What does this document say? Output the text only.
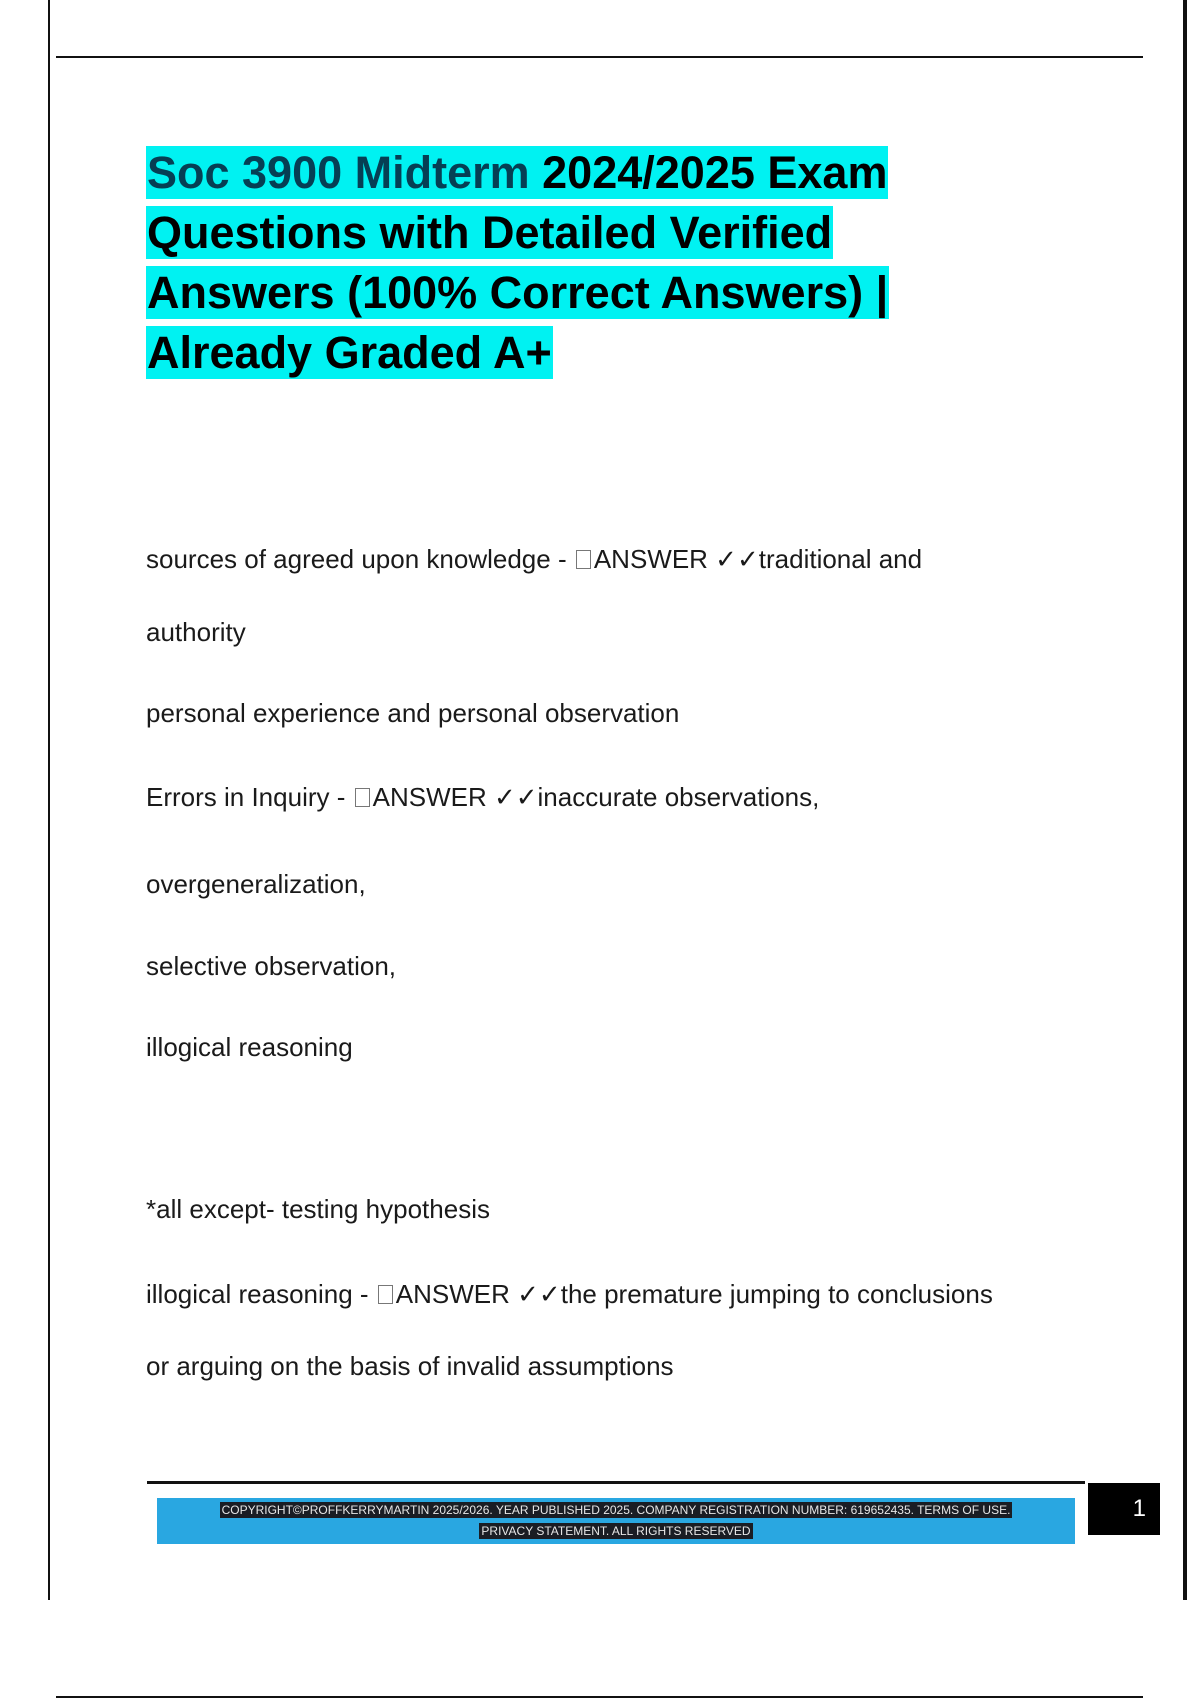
Soc 3900 Midterm 2024/2025 Exam Questions with Detailed Verified Answers (100% Correct Answers) | Already Graded A+

sources of agreed upon knowledge - ANSWER ✓✓traditional and

authority

personal experience and personal observation

Errors in Inquiry - ANSWER ✓✓inaccurate observations,

overgeneralization,

selective observation,

illogical reasoning

*all except- testing hypothesis

illogical reasoning - ANSWER ✓✓the premature jumping to conclusions

or arguing on the basis of invalid assumptions

COPYRIGHT©PROFFKERRYMARTIN 2025/2026. YEAR PUBLISHED 2025. COMPANY REGISTRATION NUMBER: 619652435. TERMS OF USE.
PRIVACY STATEMENT. ALL RIGHTS RESERVED

1
